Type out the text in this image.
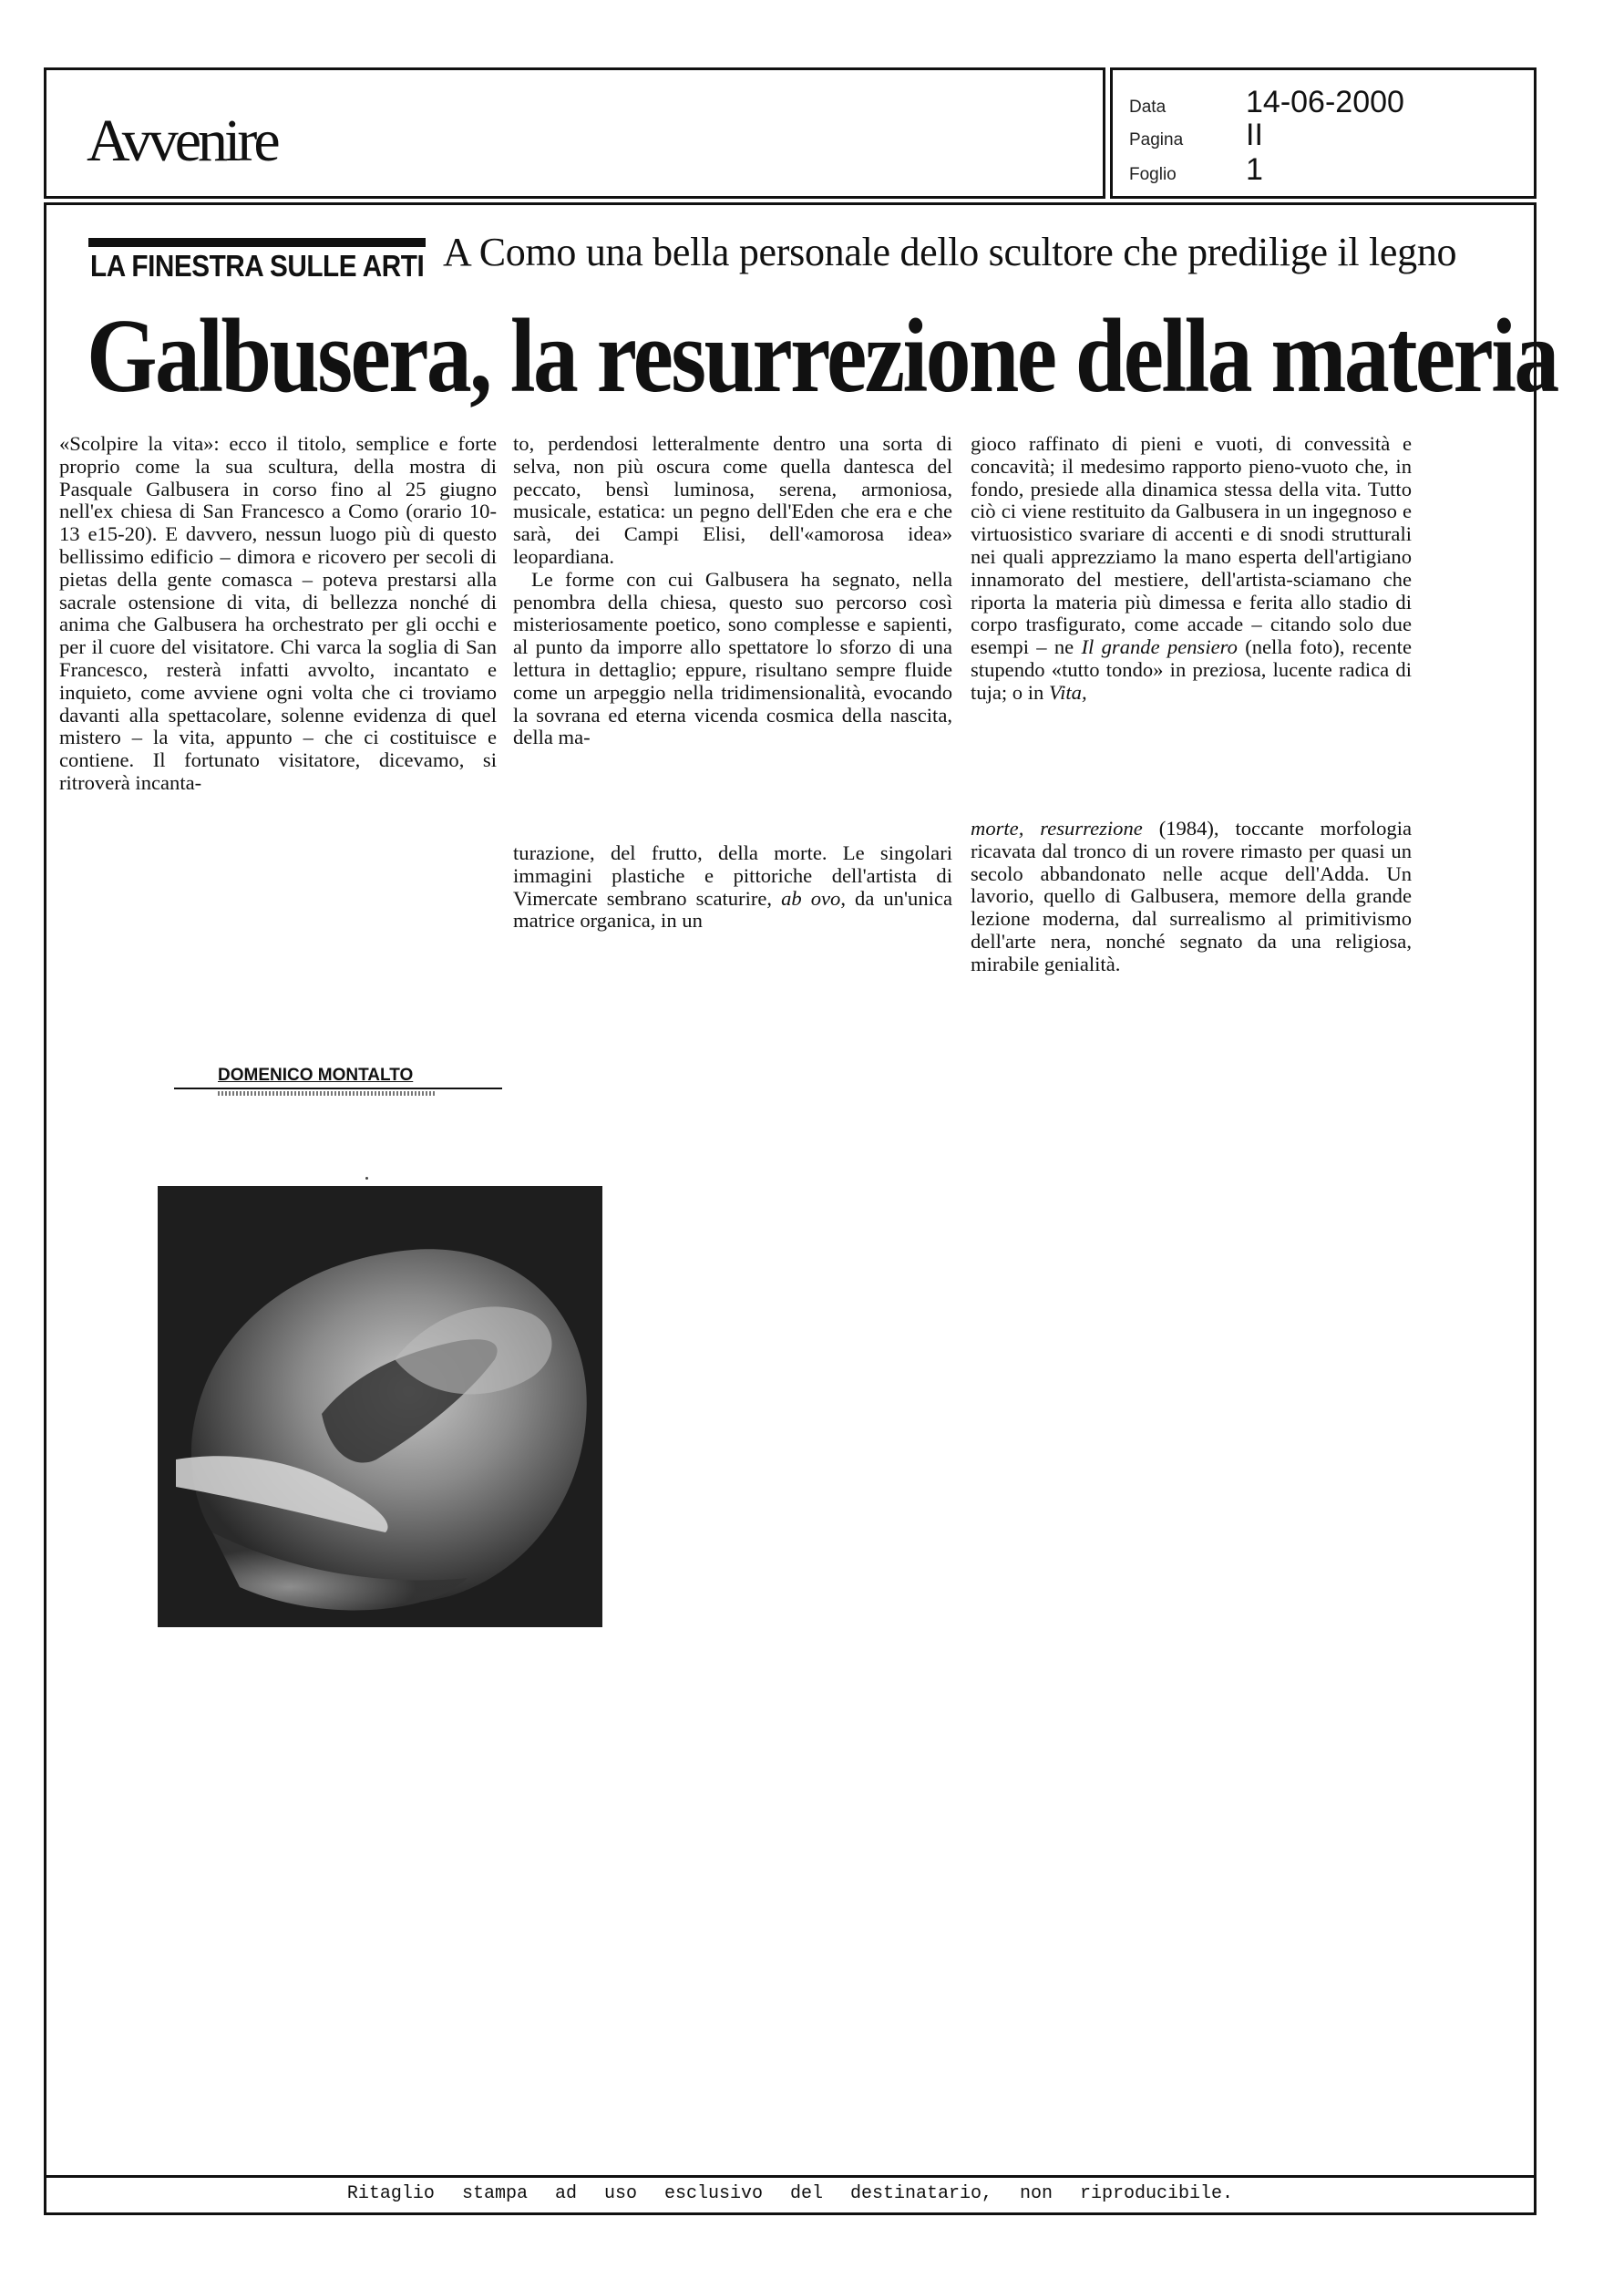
Avvenire
Data	14-06-2000
Pagina II
Foglio 1
LA FINESTRA SULLE ARTI A Como una bella personale dello scultore che predilige il legno
Galbusera, la resurrezione della materia

«Scolpire la vita»: ecco il titolo, semplice e forte proprio come la sua scultura, della mostra di Pasquale Galbusera in corso fino al 25 giugno nell'ex chiesa di San Francesco a Como (orario 10-13 e15-20). E davvero, nessun luogo più di questo bellissimo edificio – dimora e ricovero per secoli di pietas della gente comasca – poteva prestarsi alla sacrale ostensione di vita, di bellezza nonché di anima che Galbusera ha orchestrato per gli occhi e per il cuore del visitatore. Chi varca la soglia di San Francesco, resterà infatti avvolto, incantato e inquieto, come avviene ogni volta che ci troviamo davanti alla spettacolare, solenne evidenza di quel mistero – la vita, appunto – che ci costituisce e contiene. Il fortunato visitatore, dicevamo, si ritroverà incanta-

to, perdendosi letteralmente dentro una sorta di selva, non più oscura come quella dantesca del peccato, bensì luminosa, serena, armoniosa, musicale, estatica: un pegno dell'Eden che era e che sarà, dei Campi Elisi, dell'«amorosa idea» leopardiana.

Le forme con cui Galbusera ha segnato, nella penombra della chiesa, questo suo percorso così misteriosamente poetico, sono complesse e sapienti, al punto da imporre allo spettatore lo sforzo di una lettura in dettaglio; eppure, risultano sempre fluide come un arpeggio nella tridimensionalità, evocando la sovrana ed eterna vicenda cosmica della nascita, della ma-

turazione, del frutto, della morte. Le singolari immagini plastiche e pittoriche dell'artista di Vimercate sembrano scaturire, ab ovo, da un'unica matrice organica, in un

gioco raffinato di pieni e vuoti, di convessità e concavità; il medesimo rapporto pieno-vuoto che, in fondo, presiede alla dinamica stessa della vita. Tutto ciò ci viene restituito da Galbusera in un ingegnoso e virtuosistico svariare di accenti e di snodi strutturali nei quali apprezziamo la mano esperta dell'artigiano innamorato del mestiere, dell'artista-sciamano che riporta la materia più dimessa e ferita allo stadio di corpo trasfigurato, come accade – citando solo due esempi – ne Il grande pensiero (nella foto), recente stupendo «tutto tondo» in preziosa, lucente radica di tuja; o in Vita,

morte, resurrezione (1984), toccante morfologia ricavata dal tronco di un rovere rimasto per quasi un secolo abbandonato nelle acque dell'Adda. Un lavorio, quello di Galbusera, memore della grande lezione moderna, dal surrealismo al primitivismo dell'arte nera, nonché segnato da una religiosa, mirabile genialità.

DOMENICO MONTALTO
Ritaglio stampa ad uso esclusivo del destinatario, non riproducibile.
